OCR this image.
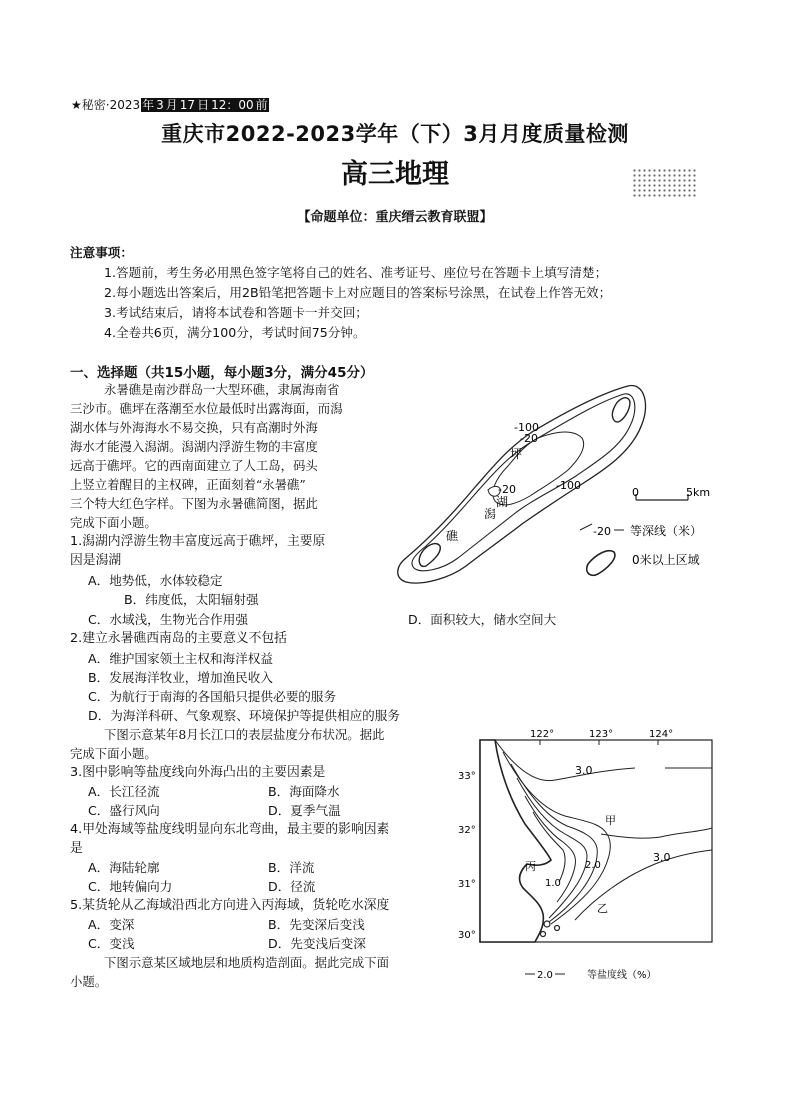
★秘密·2023 年 3 月 17 日 12：00 前
重庆市2022-2023学年（下）3月月度质量检测
高三地理
【命题单位：重庆缙云教育联盟】
注意事项：
1.答题前，考生务必用黑色签字笔将自己的姓名、准考证号、座位号在答题卡上填写清楚；
2.每小题选出答案后，用2B铅笔把答题卡上对应题目的答案标号涂黑，在试卷上作答无效；
3.考试结束后，请将本试卷和答题卡一并交回；
4.全卷共6页，满分100分，考试时间75分钟。
一、选择题（共15小题，每小题3分，满分45分）
永暑礁是南沙群岛一大型环礁，隶属海南省
三沙市。礁坪在落潮至水位最低时出露海面，而潟
湖水体与外海海水不易交换，只有高潮时外海
海水才能漫入潟湖。潟湖内浮游生物的丰富度
远高于礁坪。它的西南面建立了人工岛，码头
上竖立着醒目的主权碑，正面刻着“永暑礁”
三个特大红色字样。下图为永暑礁简图，据此
完成下面小题。
1.潟湖内浮游生物丰富度远高于礁坪，主要原
因是潟湖
A．地势低，水体较稳定
B．纬度低，太阳辐射强
C．水域浅，生物光合作用强	D．面积较大，储水空间大
2.建立永暑礁西南岛的主要意义不包括
A．维护国家领土主权和海洋权益
B．发展海洋牧业，增加渔民收入
C．为航行于南海的各国船只提供必要的服务
D．为海洋科研、气象观察、环境保护等提供相应的服务
下图示意某年8月长江口的表层盐度分布状况。据此
完成下面小题。
3.图中影响等盐度线向外海凸出的主要因素是
A．长江径流	B．海面降水
C．盛行风向	D．夏季气温
4.甲处海域等盐度线明显向东北弯曲，最主要的影响因素
是
A．海陆轮廓	B．洋流
C．地转偏向力	D．径流
5.某货轮从乙海域沿西北方向进入丙海域，货轮吃水深度
A．变深	B．先变深后变浅
C．变浅	D．先变浅后变深
下图示意某区域地层和地质构造剖面。据此完成下面
小题。
-100
-20
-20	-100
坪
湖
潟
礁
0	5km
-20 等深线（米）
0米以上区域
122°	123°	124°
33°
32°
31°
30°
3.0
3.0
2.0
1.0
甲
丙
乙
2.0	等盐度线（%）
